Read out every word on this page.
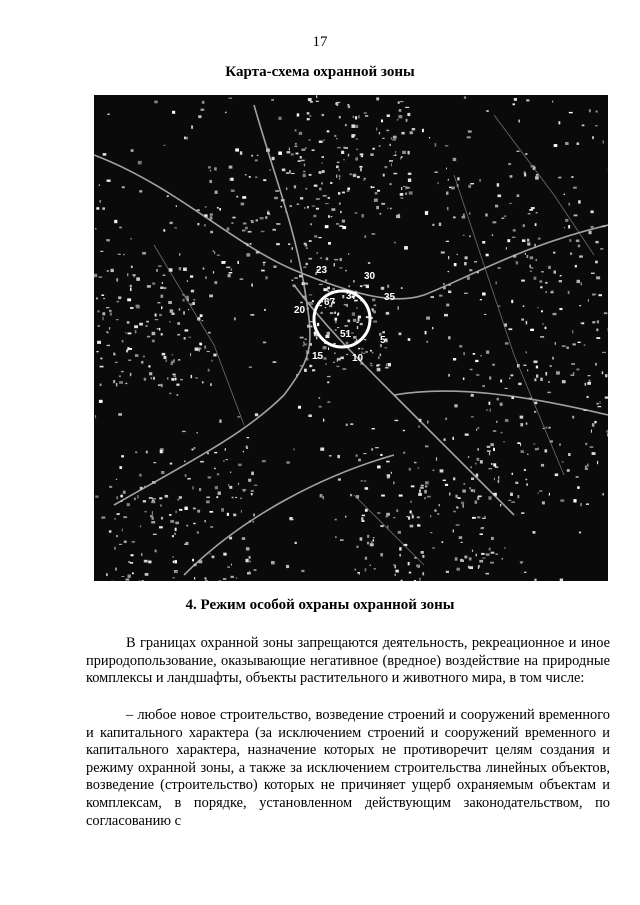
17
Карта-схема охранной зоны
23
30
67
37	35
20
51
15	10
5
4. Режим особой охраны охранной зоны

В границах охранной зоны запрещаются деятельность, рекреационное и иное природопользование, оказывающие негативное (вредное) воздействие на природные комплексы и ландшафты, объекты растительного и животного мира, в том числе:

– любое новое строительство, возведение строений и сооружений временного и капитального характера (за исключением строений и сооружений временного и капитального характера, назначение которых не противоречит целям создания и режиму охранной зоны, а также за исключением строительства линейных объектов, возведение (строительство) которых не причиняет ущерб охраняемым объектам и комплексам, в порядке, установленном действующим законодательством, по согласованию с
